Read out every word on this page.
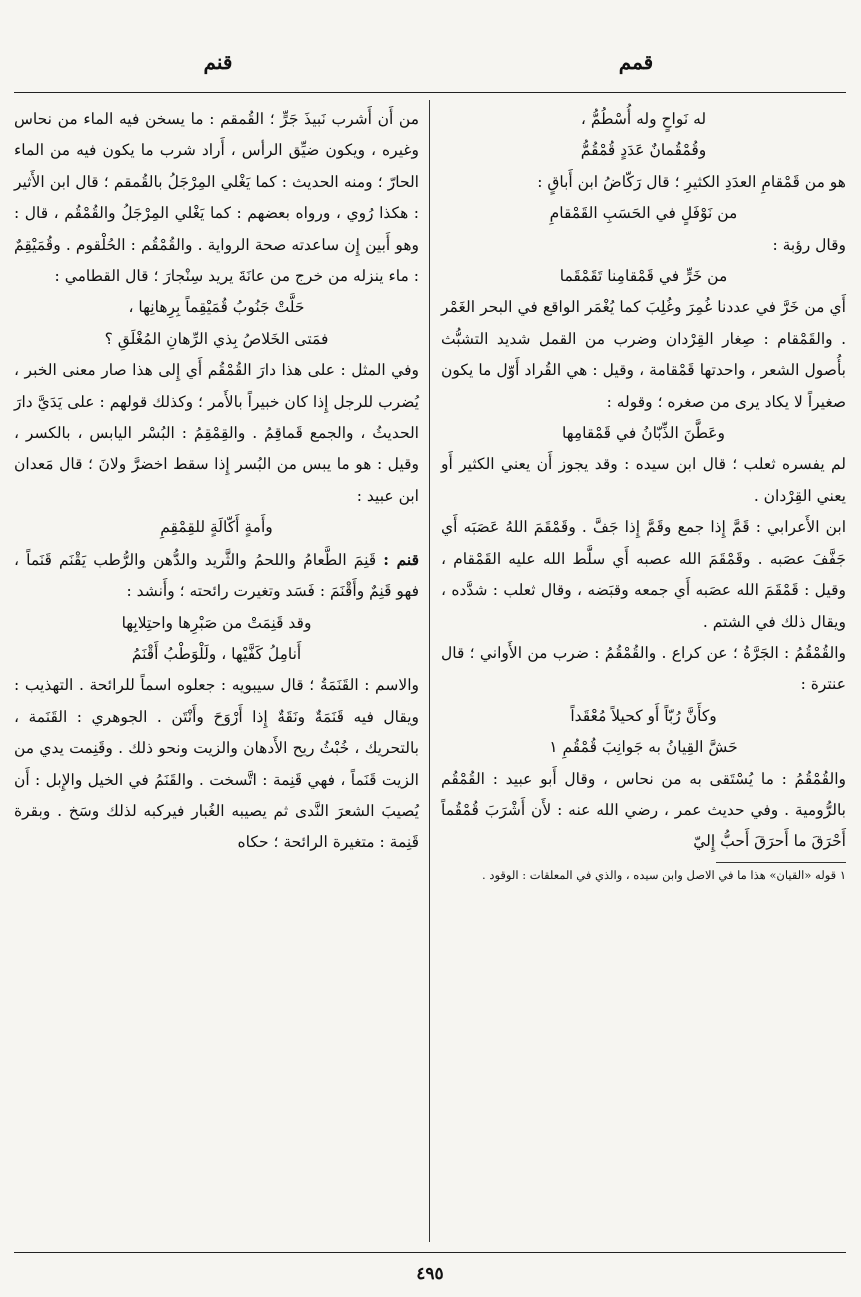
قمم
قنم

له نَواحٍ وله أُسْطُمُّ ،

وقُمْقُمانٌ عَدَدٍ قُمْقُمُّ

هو من قَمْقامِ العدَدِ الكثيرِ ؛ قال رَكّاضُ ابن أَباقٍ :

من نَوْفَلٍ في الحَسَبِ القَمْقامِ

وقال رؤبة :

من خَرٍّ في قَمْقامِنا تَقَمْقَما

أَي من خَرَّ في عددنا غُمِرَ وغُلِبَ كما يُغْمَر الواقع في البحر الغَمْر . والقَمْقام : صِغار القِرْدان وضرب من القمل شديد التشبُّث بأُصول الشعر ، واحدتها قَمْقامة ، وقيل : هي القُراد أَوّل ما يكون صغيراً لا يكاد يرى من صغره ؛ وقوله :

وعَطَّنَ الذِّبّانُ في قَمْقامِها

لم يفسره ثعلب ؛ قال ابن سيده : وقد يجوز أَن يعني الكثير أَو يعني القِرْدان .

ابن الأَعرابي : قَمَّ إِذا جمع وقَمَّ إِذا جَفَّ . وقَمْقَمَ اللهُ عَصَبَه أَي جَفَّفَ عصَبه . وقَمْقَمَ الله عصبه أَي سلَّط الله عليه القَمْقام ، وقيل : قَمْقَمَ الله عصَبه أَي جمعه وقبَضه ، وقال ثعلب : شدَّده ، ويقال ذلك في الشتم .

والقُمْقُمُ : الجَرَّةُ ؛ عن كراع . والقُمْقُمُ : ضرب من الأَواني ؛ قال عنترة :

وكأَنَّ رُبّاً أَو كحيلاً مُعْقَداً

حَشَّ القِيانُ به جَوانِبَ قُمْقُمِ ١

والقُمْقُمُ : ما يُسْتَقى به من نحاس ، وقال أَبو عبيد : القُمْقُم بالرُّومية . وفي حديث عمر ، رضي الله عنه : لأَن أَشْرَبَ قُمْقُماً أَحْرَقَ ما أَحرَقَ أَحبُّ إِليّ

١ قوله «القيان» هذا ما في الاصل وابن سيده ، والذي في المعلقات : الوقود .

من أَن أَشرب نَبيذَ جَرٍّ ؛ القُمقم : ما يسخن فيه الماء من نحاس وغيره ، ويكون ضيِّق الرأس ، أَراد شرب ما يكون فيه من الماء الحارّ ؛ ومنه الحديث : كما يَغْلي المِرْجَلُ بالقُمقم ؛ قال ابن الأَثير : هكذا رُوي ، ورواه بعضهم : كما يَغْلي المِرْجَلُ والقُمْقُم ، قال : وهو أَبين إِن ساعدته صحة الرواية . والقُمْقُم : الحُلْقوم . وقُمَيْقِمٌ : ماء ينزله من خرج من عانَةَ يريد سِنْجارَ ؛ قال القطامي :

حَلَّتْ جَنُوبُ قُمَيْقِماً بِرِهانِها ،

فمَتى الخَلاصُ بِذي الرِّهانِ المُغْلَقِ ؟

وفي المثل : على هذا دارَ القُمْقُم أَي إِلى هذا صار معنى الخبر ، يُضرب للرجل إِذا كان خبيراً بالأَمر ؛ وكذلك قولهم : على يَدَيَّ دارَ الحديثُ ، والجمع قَماقِمُ . والقِمْقِمُ : البُسْر اليابس ، بالكسر ، وقيل : هو ما يبس من البُسر إِذا سقط اخضرَّ ولانَ ؛ قال مَعدان ابن عبيد :

وأَمةٍ أَكّالَةٍ للقِمْقِمِ

قنم : قَنِمَ الطَّعامُ واللحمُ والثَّريد والدُّهن والرُّطب يَقْنَم قَنَماً ، فهو قَنِمٌ وأَقْنَمَ : فَسَد وتغيرت رائحته ؛ وأَنشد :

وقد قَنِمَتْ من صَبْرِها واحتِلابِها

أَنامِلُ كَفَّيْها ، ولَلْوَطْبُ أَقْنَمُ

والاسم : القَنَمَةُ ؛ قال سيبويه : جعلوه اسماً للرائحة . التهذيب : ويقال فيه قَنَمَةٌ ونَقَةٌ إِذا أَرْوَحَ وأَنْتَن . الجوهري : القَنَمة ، بالتحريك ، خُبْثُ ريح الأَدهان والزيت ونحو ذلك . وقَنِمت يدي من الزيت قَنَماً ، فهي قَنِمة : اتَّسخت . والقَنَمُ في الخيل والإِبل : أَن يُصيبَ الشعرَ النَّدى ثم يصيبه الغُبار فيركبه لذلك وسَخ . وبقرة قَنِمة : متغيرة الرائحة ؛ حكاه

٤٩٥
